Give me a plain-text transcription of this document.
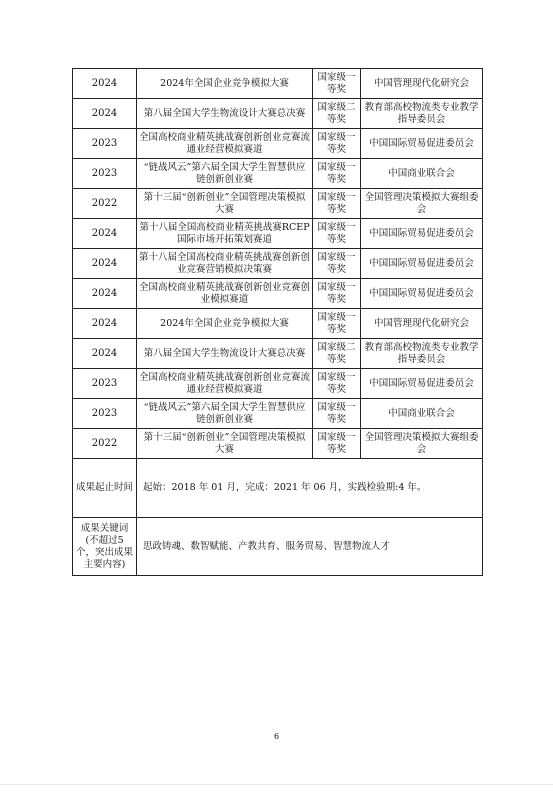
2024	2024年全国企业竞争模拟大赛	国家级一等奖	中国管理现代化研究会
2024	第八届全国大学生物流设计大赛总决赛	国家级二等奖	教育部高校物流类专业教学指导委员会
2023	全国高校商业精英挑战赛创新创业竞赛流通业经营模拟赛道	国家级一等奖	中国国际贸易促进委员会
2023	“链战风云”第六届全国大学生智慧供应链创新创业赛	国家级一等奖	中国商业联合会
2022	第十三届“创新创业”全国管理决策模拟大赛	国家级一等奖	全国管理决策模拟大赛组委会
2024	第十八届全国高校商业精英挑战赛RCEP国际市场开拓策划赛道	国家级一等奖	中国国际贸易促进委员会
2024	第十八届全国高校商业精英挑战赛创新创业竞赛营销模拟决策赛	国家级一等奖	中国国际贸易促进委员会
2024	全国高校商业精英挑战赛创新创业竞赛创业模拟赛道	国家级一等奖	中国国际贸易促进委员会
2024	2024年全国企业竞争模拟大赛	国家级一等奖	中国管理现代化研究会
2024	第八届全国大学生物流设计大赛总决赛	国家级二等奖	教育部高校物流类专业教学指导委员会
2023	全国高校商业精英挑战赛创新创业竞赛流通业经营模拟赛道	国家级一等奖	中国国际贸易促进委员会
2023	“链战风云”第六届全国大学生智慧供应链创新创业赛	国家级一等奖	中国商业联合会
2022	第十三届“创新创业”全国管理决策模拟大赛	国家级一等奖	全国管理决策模拟大赛组委会
成果起止时间	起始：2018 年 01 月，完成：2021 年 06 月，实践检验期:4 年。		
成果关键词(不超过5个，突出成果主要内容)	思政铸魂、数智赋能、产教共育、服务贸易、智慧物流人才		
6
